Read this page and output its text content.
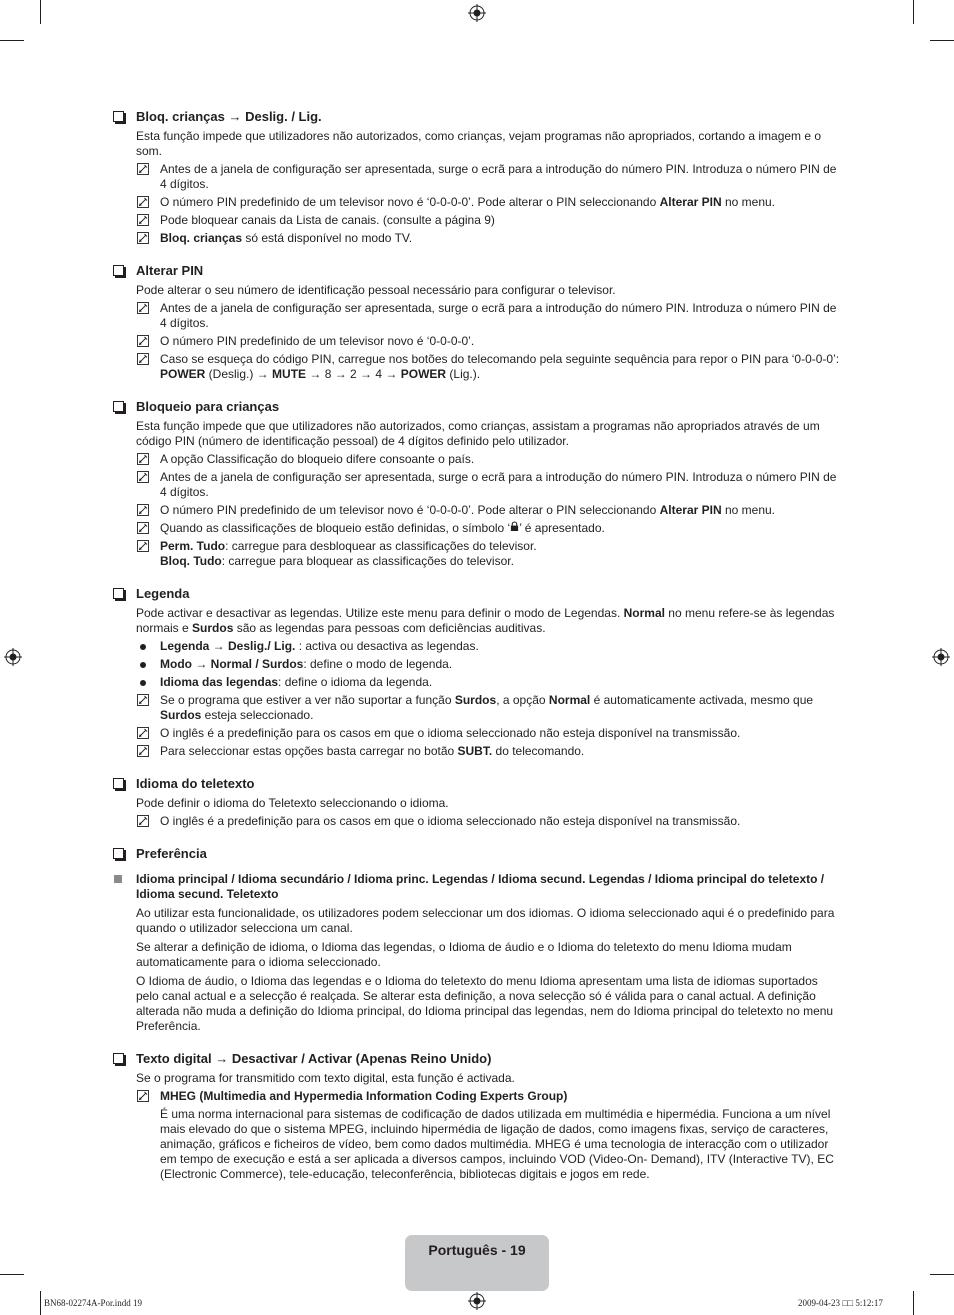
Bloq. crianças → Deslig. / Lig.
Esta função impede que utilizadores não autorizados, como crianças, vejam programas não apropriados, cortando a imagem e o som.
Antes de a janela de configuração ser apresentada, surge o ecrã para a introdução do número PIN. Introduza o número PIN de 4 dígitos.
O número PIN predefinido de um televisor novo é ‘0-0-0-0’. Pode alterar o PIN seleccionando Alterar PIN no menu.
Pode bloquear canais da Lista de canais. (consulte a página 9)
Bloq. crianças só está disponível no modo TV.
Alterar PIN
Pode alterar o seu número de identificação pessoal necessário para configurar o televisor.
Antes de a janela de configuração ser apresentada, surge o ecrã para a introdução do número PIN. Introduza o número PIN de 4 dígitos.
O número PIN predefinido de um televisor novo é ‘0-0-0-0’.
Caso se esqueça do código PIN, carregue nos botões do telecomando pela seguinte sequência para repor o PIN para ‘0-0-0-0’: POWER (Deslig.) → MUTE → 8 → 2 → 4 → POWER (Lig.).
Bloqueio para crianças
Esta função impede que que utilizadores não autorizados, como crianças, assistam a programas não apropriados através de um código PIN (número de identificação pessoal) de 4 dígitos definido pelo utilizador.
A opção Classificação do bloqueio difere consoante o país.
Antes de a janela de configuração ser apresentada, surge o ecrã para a introdução do número PIN. Introduza o número PIN de 4 dígitos.
O número PIN predefinido de um televisor novo é ‘0-0-0-0’. Pode alterar o PIN seleccionando Alterar PIN no menu.
Quando as classificações de bloqueio estão definidas, o símbolo ‘ ’ é apresentado.
Perm. Tudo: carregue para desbloquear as classificações do televisor.
Bloq. Tudo: carregue para bloquear as classificações do televisor.
Legenda
Pode activar e desactivar as legendas. Utilize este menu para definir o modo de Legendas. Normal no menu refere-se às legendas normais e Surdos são as legendas para pessoas com deficiências auditivas.
Legenda → Deslig./ Lig. : activa ou desactiva as legendas.
Modo → Normal / Surdos: define o modo de legenda.
Idioma das legendas: define o idioma da legenda.
Se o programa que estiver a ver não suportar a função Surdos, a opção Normal é automaticamente activada, mesmo que Surdos esteja seleccionado.
O inglês é a predefinição para os casos em que o idioma seleccionado não esteja disponível na transmissão.
Para seleccionar estas opções basta carregar no botão SUBT. do telecomando.
Idioma do teletexto
Pode definir o idioma do Teletexto seleccionando o idioma.
O inglês é a predefinição para os casos em que o idioma seleccionado não esteja disponível na transmissão.
Preferência
Idioma principal / Idioma secundário / Idioma princ. Legendas / Idioma secund. Legendas / Idioma principal do teletexto / Idioma secund. Teletexto
Ao utilizar esta funcionalidade, os utilizadores podem seleccionar um dos idiomas. O idioma seleccionado aqui é o predefinido para quando o utilizador selecciona um canal.
Se alterar a definição de idioma, o Idioma das legendas, o Idioma de áudio e o Idioma do teletexto do menu Idioma mudam automaticamente para o idioma seleccionado.
O Idioma de áudio, o Idioma das legendas e o Idioma do teletexto do menu Idioma apresentam uma lista de idiomas suportados pelo canal actual e a selecção é realçada. Se alterar esta definição, a nova selecção só é válida para o canal actual. A definição alterada não muda a definição do Idioma principal, do Idioma principal das legendas, nem do Idioma principal do teletexto no menu Preferência.
Texto digital → Desactivar / Activar (Apenas Reino Unido)
Se o programa for transmitido com texto digital, esta função é activada.
MHEG (Multimedia and Hypermedia Information Coding Experts Group)
É uma norma internacional para sistemas de codificação de dados utilizada em multimédia e hipermédia. Funciona a um nível mais elevado do que o sistema MPEG, incluindo hipermédia de ligação de dados, como imagens fixas, serviço de caracteres, animação, gráficos e ficheiros de vídeo, bem como dados multimédia. MHEG é uma tecnologia de interacção com o utilizador em tempo de execução e está a ser aplicada a diversos campos, incluindo VOD (Video-On- Demand), ITV (Interactive TV), EC (Electronic Commerce), tele-educação, teleconferência, bibliotecas digitais e jogos em rede.
Português - 19
BN68-02274A-Por.indd 19	2009-04-23 □□ 5:12:17
